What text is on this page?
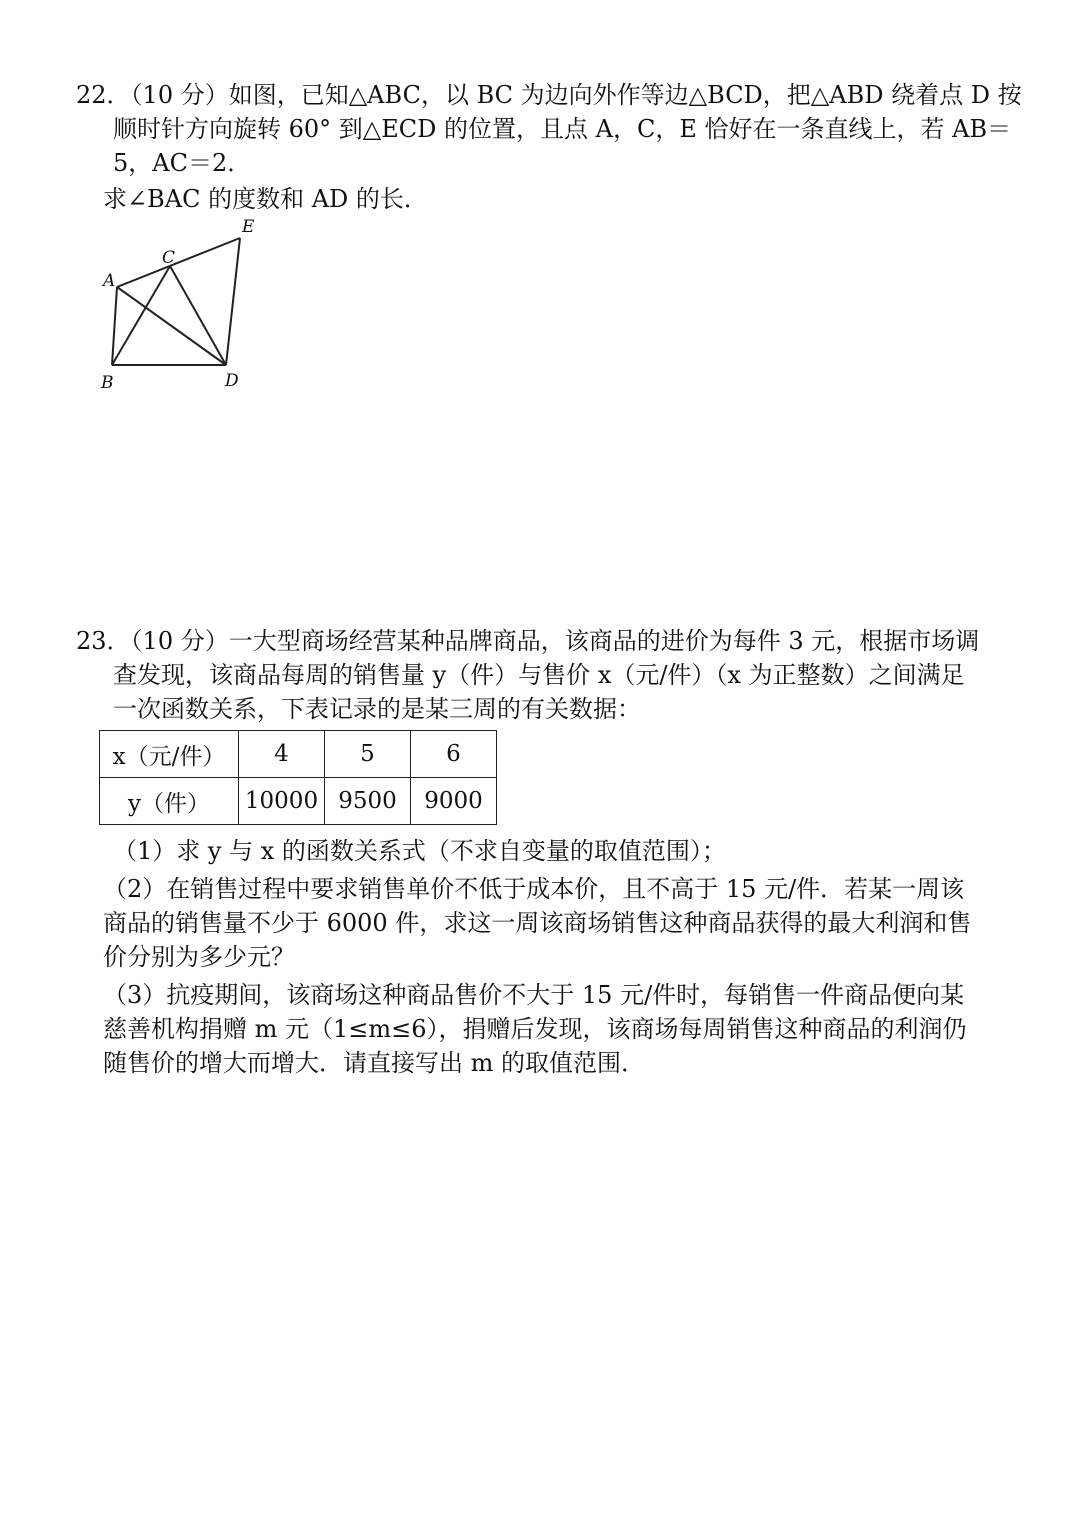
22．（10 分）如图，已知△ABC，以 BC 为边向外作等边△BCD，把△ABD 绕着点 D 按
顺时针方向旋转 60° 到△ECD 的位置，且点 A，C，E 恰好在一条直线上，若 AB＝
5，AC＝2．
求∠BAC 的度数和 AD 的长．
A
B
C
D
E
23．（10 分）一大型商场经营某种品牌商品，该商品的进价为每件 3 元，根据市场调
查发现，该商品每周的销售量 y（件）与售价 x（元/件）（x 为正整数）之间满足
一次函数关系，下表记录的是某三周的有关数据：
x（元/件）	4	5	6
y（件）	10000	9500	9000
（1）求 y 与 x 的函数关系式（不求自变量的取值范围）；
（2）在销售过程中要求销售单价不低于成本价，且不高于 15 元/件．若某一周该
商品的销售量不少于 6000 件，求这一周该商场销售这种商品获得的最大利润和售
价分别为多少元？
（3）抗疫期间，该商场这种商品售价不大于 15 元/件时，每销售一件商品便向某
慈善机构捐赠 m 元（1≤m≤6），捐赠后发现，该商场每周销售这种商品的利润仍
随售价的增大而增大．请直接写出 m 的取值范围．
